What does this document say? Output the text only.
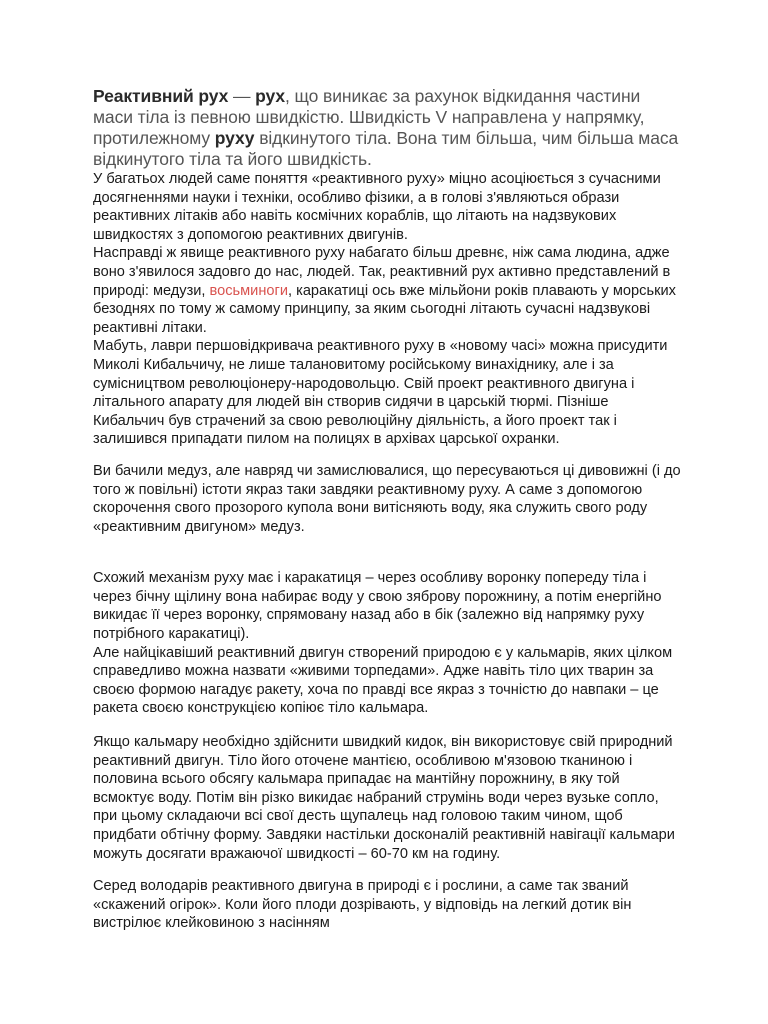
Реактивний рух — рух, що виникає за рахунок відкидання частини маси тіла із певною швидкістю. Швидкість V направлена у напрямку, протилежному руху відкинутого тіла. Вона тим більша, чим більша маса відкинутого тіла та його швидкість.

У багатьох людей саме поняття «реактивного руху» міцно асоціюється з сучасними досягненнями науки і техніки, особливо фізики, а в голові з'являються образи реактивних літаків або навіть космічних кораблів, що літають на надзвукових швидкостях з допомогою реактивних двигунів.

Насправді ж явище реактивного руху набагато більш древнє, ніж сама людина, адже воно з'явилося задовго до нас, людей. Так, реактивний рух активно представлений в природі: медузи, восьминоги, каракатиці ось вже мільйони років плавають у морських безоднях по тому ж самому принципу, за яким сьогодні літають сучасні надзвукові реактивні літаки.

Мабуть, лаври першовідкривача реактивного руху в «новому часі» можна присудити Миколі Кибальчичу, не лише талановитому російському винахіднику, але і за сумісництвом революціонеру-народовольцю. Свій проект реактивного двигуна і літального апарату для людей він створив сидячи в царській тюрмі. Пізніше Кибальчич був страчений за свою революційну діяльність, а його проект так і залишився припадати пилом на полицях в архівах царської охранки.

Ви бачили медуз, але навряд чи замислювалися, що пересуваються ці дивовижні (і до того ж повільні) істоти якраз таки завдяки реактивному руху. А саме з допомогою скорочення свого прозорого купола вони витісняють воду, яка служить свого роду «реактивним двигуном» медуз.

Схожий механізм руху має і каракатиця – через особливу воронку попереду тіла і через бічну щілину вона набирає воду у свою зяброву порожнину, а потім енергійно викидає її через воронку, спрямовану назад або в бік (залежно від напрямку руху потрібного каракатиці).

Але найцікавіший реактивний двигун створений природою є у кальмарів, яких цілком справедливо можна назвати «живими торпедами». Адже навіть тіло цих тварин за своєю формою нагадує ракету, хоча по правді все якраз з точністю до навпаки – це ракета своєю конструкцією копіює тіло кальмара.

Якщо кальмару необхідно здійснити швидкий кидок, він використовує свій природний реактивний двигун. Тіло його оточене мантією, особливою м'язовою тканиною і половина всього обсягу кальмара припадає на мантійну порожнину, в яку той всмоктує воду. Потім він різко викидає набраний струмінь води через вузьке сопло, при цьому складаючи всі свої десть щупалець над головою таким чином, щоб придбати обтічну форму. Завдяки настільки досконалій реактивній навігації кальмари можуть досягати вражаючої швидкості – 60-70 км на годину.

Серед володарів реактивного двигуна в природі є і рослини, а саме так званий «скажений огірок». Коли його плоди дозрівають, у відповідь на легкий дотик він вистрілює клейковиною з насінням
